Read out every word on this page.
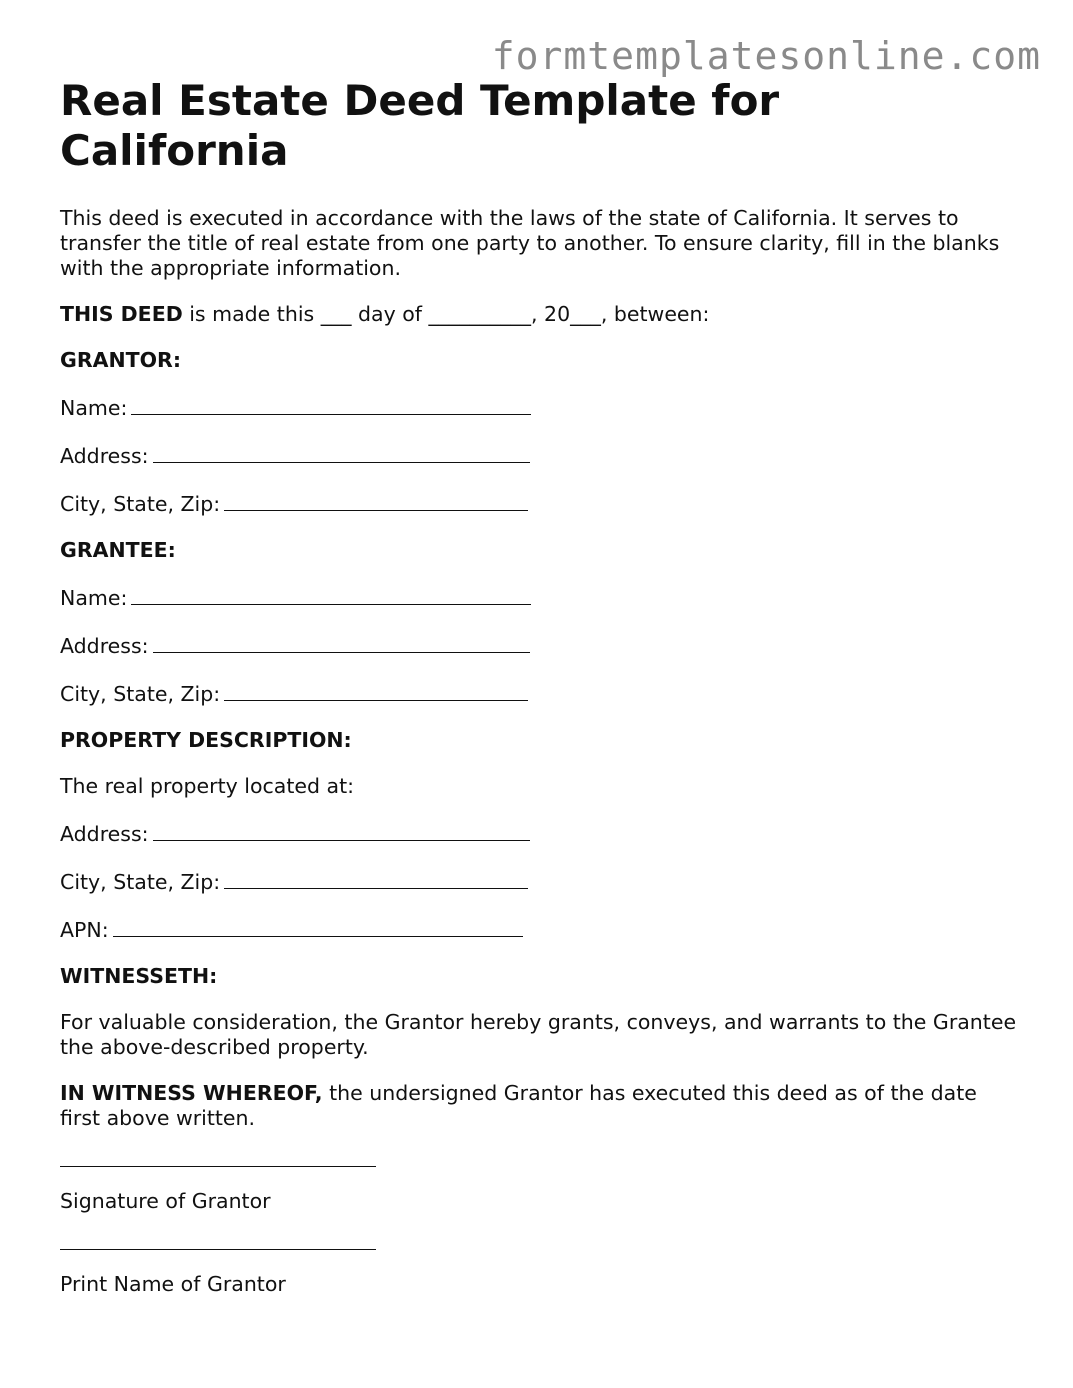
formtemplatesonline.com
Real Estate Deed Template for California

This deed is executed in accordance with the laws of the state of California. It serves to transfer the title of real estate from one party to another. To ensure clarity, fill in the blanks with the appropriate information.

THIS DEED is made this ___ day of __________, 20___, between:

GRANTOR:

Name:

Address:

City, State, Zip:

GRANTEE:

Name:

Address:

City, State, Zip:

PROPERTY DESCRIPTION:

The real property located at:

Address:

City, State, Zip:

APN:

WITNESSETH:

For valuable consideration, the Grantor hereby grants, conveys, and warrants to the Grantee the above-described property.

IN WITNESS WHEREOF, the undersigned Grantor has executed this deed as of the date first above written.

Signature of Grantor

Print Name of Grantor
